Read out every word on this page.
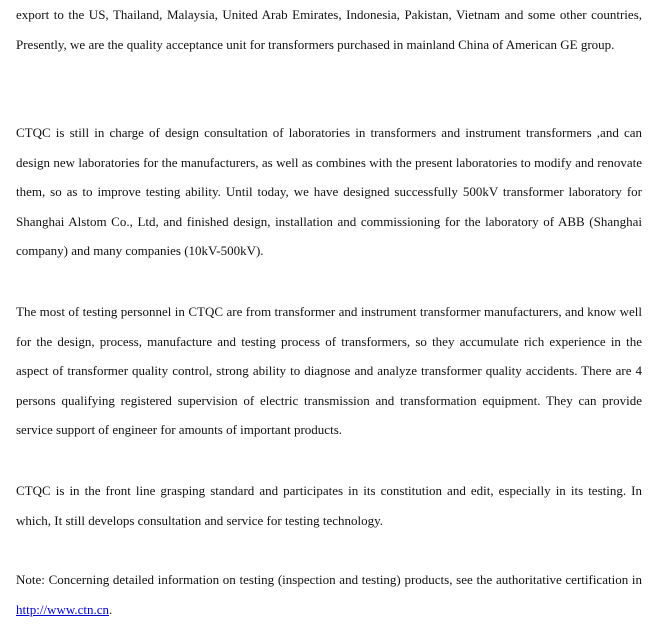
export to the US, Thailand, Malaysia, United Arab Emirates, Indonesia, Pakistan, Vietnam and some other countries, Presently, we are the quality acceptance unit for transformers purchased in mainland China of American GE group.

CTQC is still in charge of design consultation of laboratories in transformers and instrument transformers ,and can design new laboratories for the manufacturers, as well as combines with the present laboratories to modify and renovate them, so as to improve testing ability. Until today, we have designed successfully 500kV transformer laboratory for Shanghai Alstom Co., Ltd, and finished design, installation and commissioning for the laboratory of ABB (Shanghai company) and many companies (10kV-500kV).

The most of testing personnel in CTQC are from transformer and instrument transformer manufacturers, and know well for the design, process, manufacture and testing process of transformers, so they accumulate rich experience in the aspect of transformer quality control, strong ability to diagnose and analyze transformer quality accidents. There are 4 persons qualifying registered supervision of electric transmission and transformation equipment. They can provide service support of engineer for amounts of important products.

CTQC is in the front line grasping standard and participates in its constitution and edit, especially in its testing. In which, It still develops consultation and service for testing technology.

Note: Concerning detailed information on testing (inspection and testing) products, see the authoritative certification in http://www.ctn.cn.
